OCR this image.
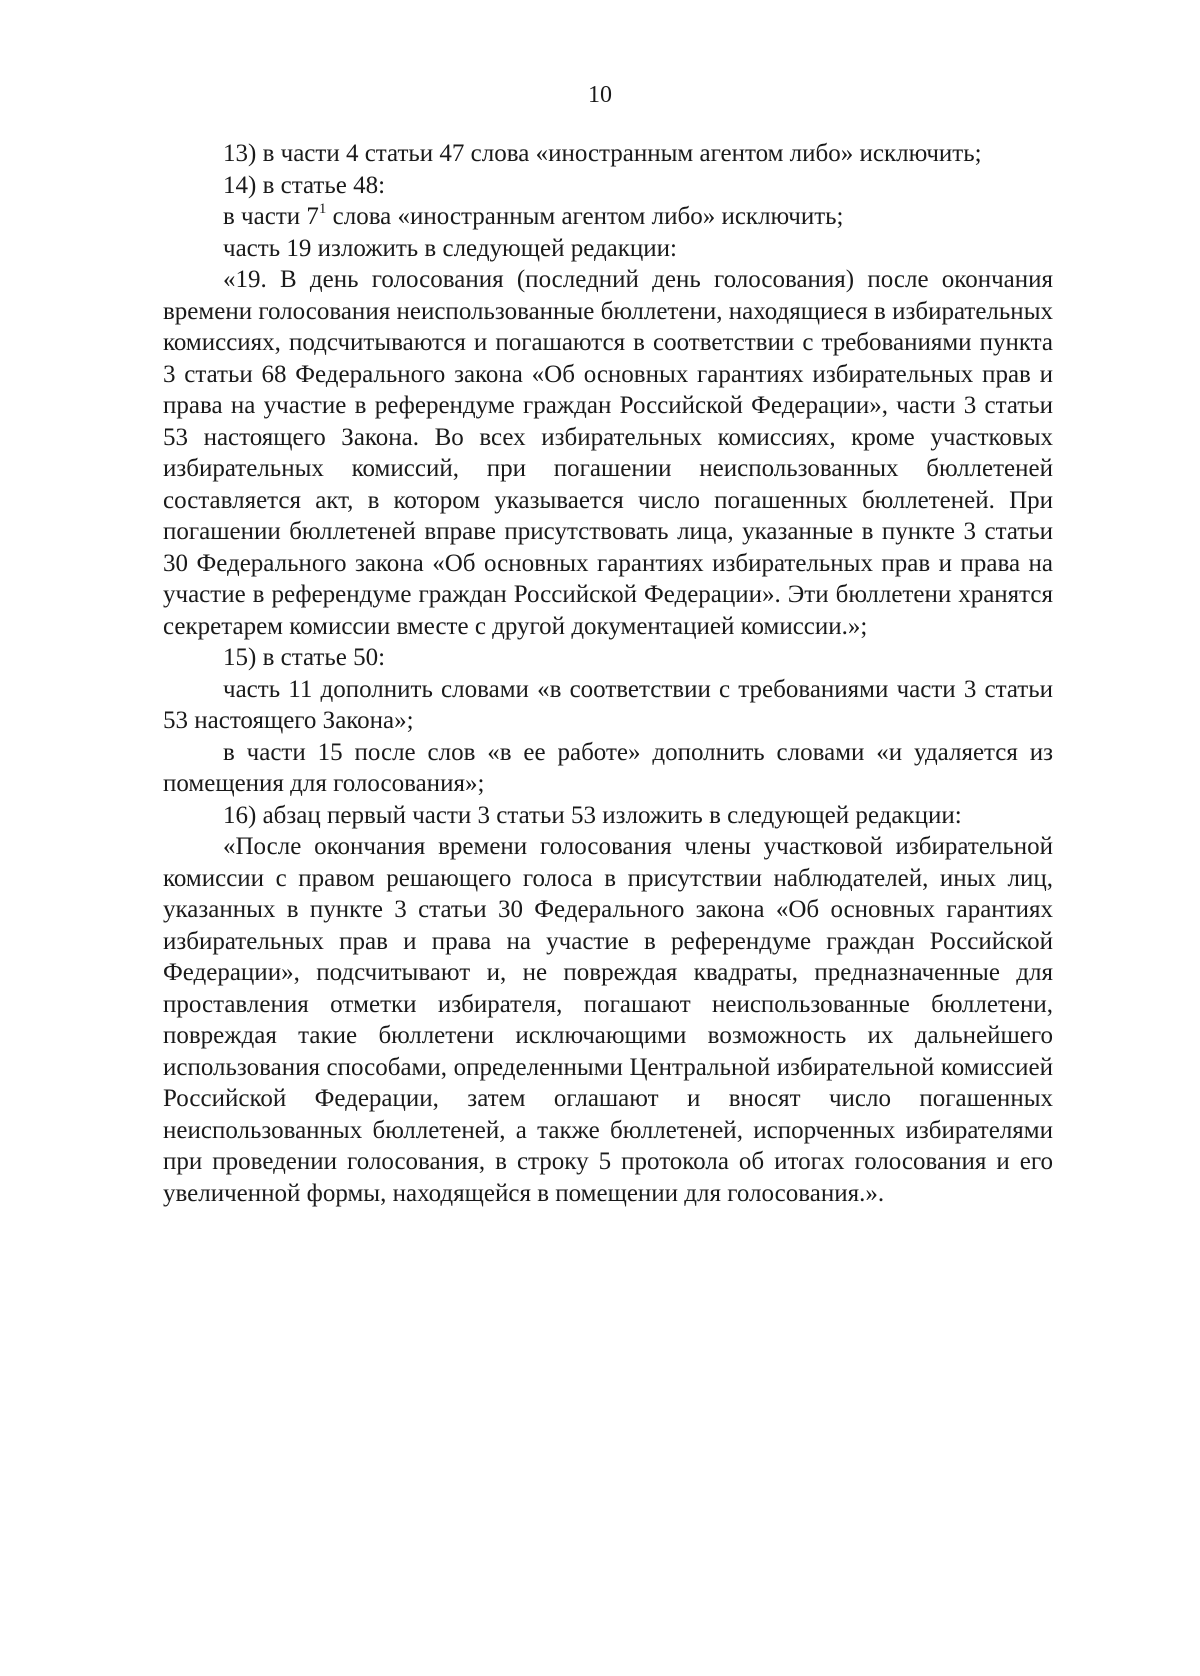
10

13) в части 4 статьи 47 слова «иностранным агентом либо» исключить;

14) в статье 48:

в части $7^1$ слова «иностранным агентом либо» исключить;

часть 19 изложить в следующей редакции:

«19. В день голосования (последний день голосования) после окончания времени голосования неиспользованные бюллетени, находящиеся в избирательных комиссиях, подсчитываются и погашаются в соответствии с требованиями пункта 3 статьи 68 Федерального закона «Об основных гарантиях избирательных прав и права на участие в референдуме граждан Российской Федерации», части 3 статьи 53 настоящего Закона. Во всех избирательных комиссиях, кроме участковых избирательных комиссий, при погашении неиспользованных бюллетеней составляется акт, в котором указывается число погашенных бюллетеней. При погашении бюллетеней вправе присутствовать лица, указанные в пункте 3 статьи 30 Федерального закона «Об основных гарантиях избирательных прав и права на участие в референдуме граждан Российской Федерации». Эти бюллетени хранятся секретарем комиссии вместе с другой документацией комиссии.»;

15) в статье 50:

часть 11 дополнить словами «в соответствии с требованиями части 3 статьи 53 настоящего Закона»;

в части 15 после слов «в ее работе» дополнить словами «и удаляется из помещения для голосования»;

16) абзац первый части 3 статьи 53 изложить в следующей редакции:

«После окончания времени голосования члены участковой избирательной комиссии с правом решающего голоса в присутствии наблюдателей, иных лиц, указанных в пункте 3 статьи 30 Федерального закона «Об основных гарантиях избирательных прав и права на участие в референдуме граждан Российской Федерации», подсчитывают и, не повреждая квадраты, предназначенные для проставления отметки избирателя, погашают неиспользованные бюллетени, повреждая такие бюллетени исключающими возможность их дальнейшего использования способами, определенными Центральной избирательной комиссией Российской Федерации, затем оглашают и вносят число погашенных неиспользованных бюллетеней, а также бюллетеней, испорченных избирателями при проведении голосования, в строку 5 протокола об итогах голосования и его увеличенной формы, находящейся в помещении для голосования.».
